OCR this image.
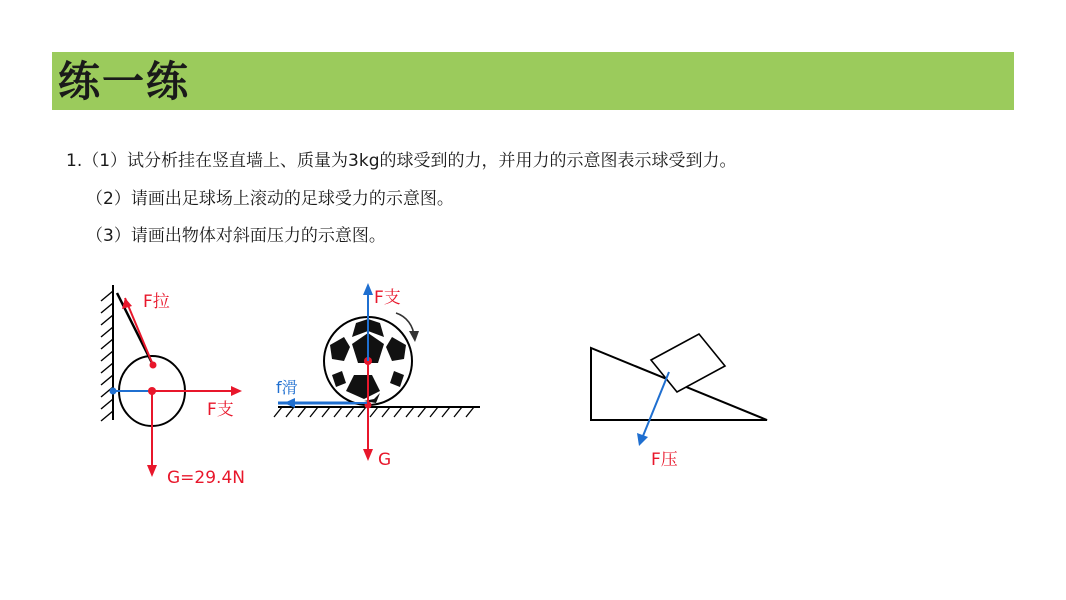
练一练
1.（1）试分析挂在竖直墙上、质量为3kg的球受到的力，并用力的示意图表示球受到力。
（2）请画出足球场上滚动的足球受力的示意图。
（3）请画出物体对斜面压力的示意图。
F拉
F支
G=29.4N
F支
f滑
G	F压
